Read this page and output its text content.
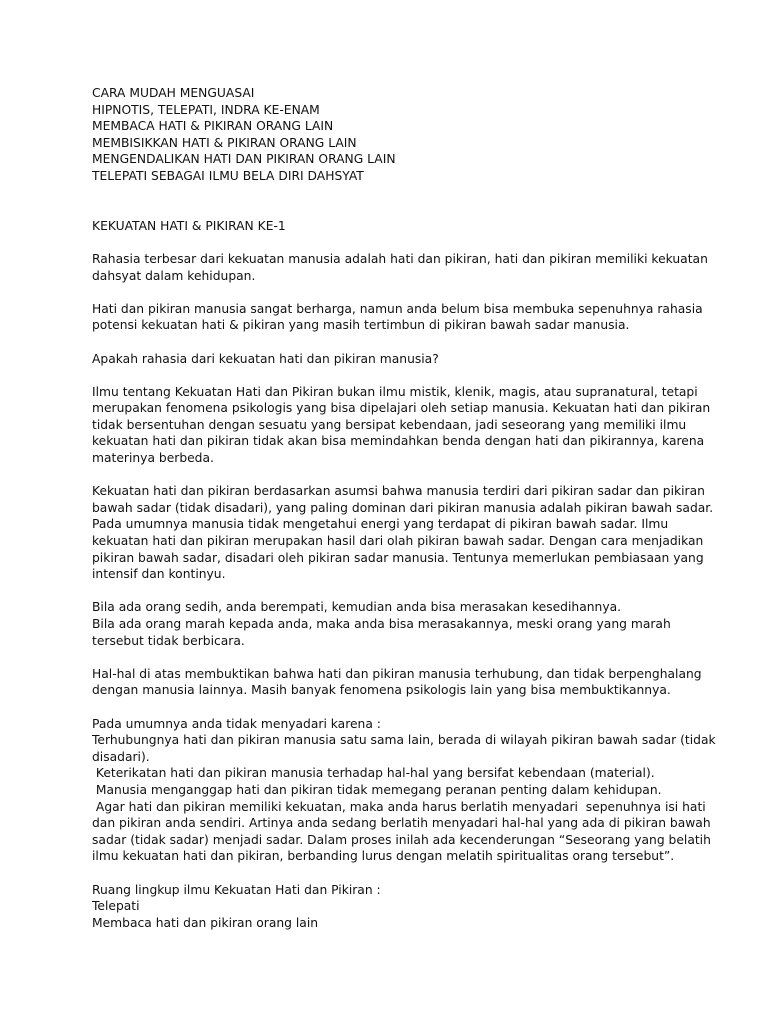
CARA MUDAH MENGUASAI
HIPNOTIS, TELEPATI, INDRA KE-ENAM
MEMBACA HATI & PIKIRAN ORANG LAIN
MEMBISIKKAN HATI & PIKIRAN ORANG LAIN
MENGENDALIKAN HATI DAN PIKIRAN ORANG LAIN
TELEPATI SEBAGAI ILMU BELA DIRI DAHSYAT
KEKUATAN HATI & PIKIRAN KE-1
Rahasia terbesar dari kekuatan manusia adalah hati dan pikiran, hati dan pikiran memiliki kekuatan
dahsyat dalam kehidupan.
Hati dan pikiran manusia sangat berharga, namun anda belum bisa membuka sepenuhnya rahasia
potensi kekuatan hati & pikiran yang masih tertimbun di pikiran bawah sadar manusia.
Apakah rahasia dari kekuatan hati dan pikiran manusia?
Ilmu tentang Kekuatan Hati dan Pikiran bukan ilmu mistik, klenik, magis, atau supranatural, tetapi
merupakan fenomena psikologis yang bisa dipelajari oleh setiap manusia. Kekuatan hati dan pikiran
tidak bersentuhan dengan sesuatu yang bersipat kebendaan, jadi seseorang yang memiliki ilmu
kekuatan hati dan pikiran tidak akan bisa memindahkan benda dengan hati dan pikirannya, karena
materinya berbeda.
Kekuatan hati dan pikiran berdasarkan asumsi bahwa manusia terdiri dari pikiran sadar dan pikiran
bawah sadar (tidak disadari), yang paling dominan dari pikiran manusia adalah pikiran bawah sadar.
Pada umumnya manusia tidak mengetahui energi yang terdapat di pikiran bawah sadar. Ilmu
kekuatan hati dan pikiran merupakan hasil dari olah pikiran bawah sadar. Dengan cara menjadikan
pikiran bawah sadar, disadari oleh pikiran sadar manusia. Tentunya memerlukan pembiasaan yang
intensif dan kontinyu.
Bila ada orang sedih, anda berempati, kemudian anda bisa merasakan kesedihannya.
Bila ada orang marah kepada anda, maka anda bisa merasakannya, meski orang yang marah
tersebut tidak berbicara.
Hal-hal di atas membuktikan bahwa hati dan pikiran manusia terhubung, dan tidak berpenghalang
dengan manusia lainnya. Masih banyak fenomena psikologis lain yang bisa membuktikannya.
Pada umumnya anda tidak menyadari karena :
Terhubungnya hati dan pikiran manusia satu sama lain, berada di wilayah pikiran bawah sadar (tidak
disadari).
Keterikatan hati dan pikiran manusia terhadap hal-hal yang bersifat kebendaan (material).
Manusia menganggap hati dan pikiran tidak memegang peranan penting dalam kehidupan.
Agar hati dan pikiran memiliki kekuatan, maka anda harus berlatih menyadari  sepenuhnya isi hati
dan pikiran anda sendiri. Artinya anda sedang berlatih menyadari hal-hal yang ada di pikiran bawah
sadar (tidak sadar) menjadi sadar. Dalam proses inilah ada kecenderungan “Seseorang yang belatih
ilmu kekuatan hati dan pikiran, berbanding lurus dengan melatih spiritualitas orang tersebut”.
Ruang lingkup ilmu Kekuatan Hati dan Pikiran :
Telepati
Membaca hati dan pikiran orang lain
